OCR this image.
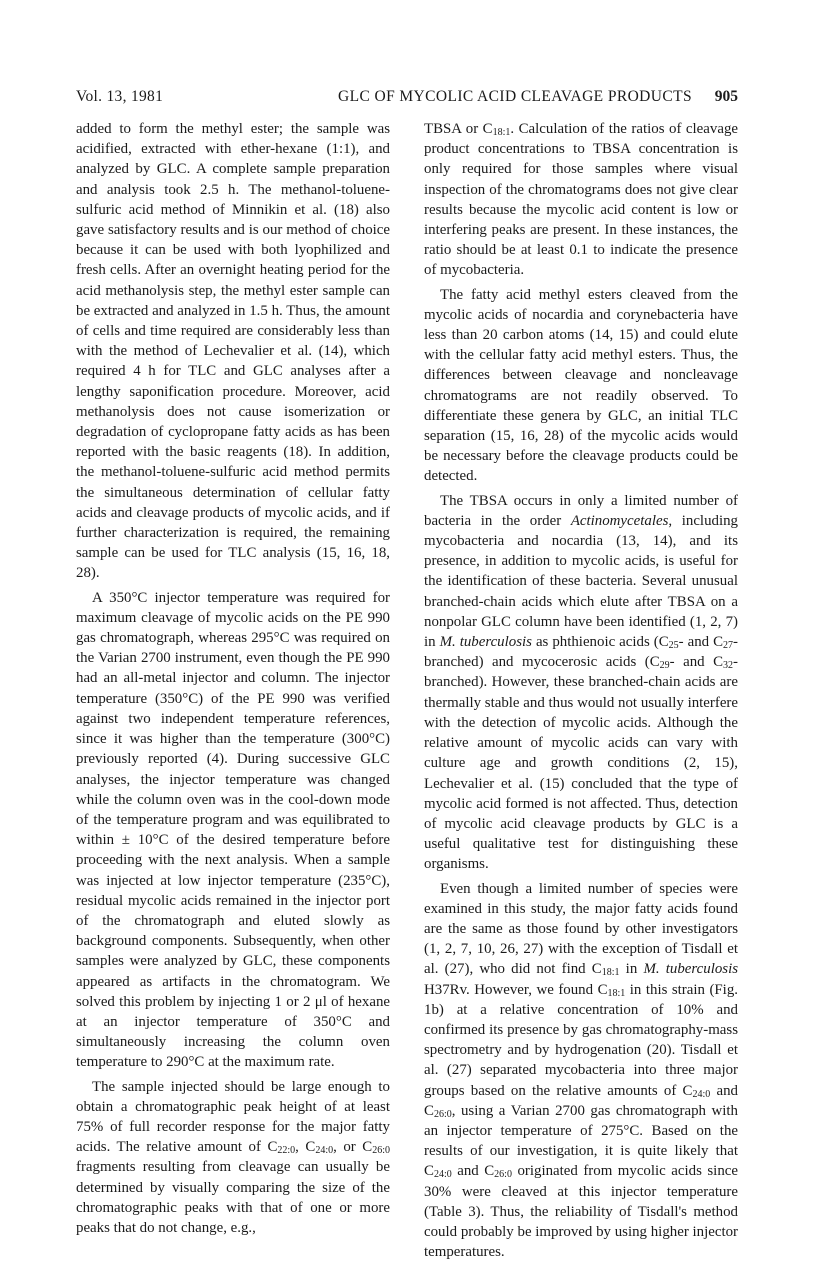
Vol. 13, 1981	GLC OF MYCOLIC ACID CLEAVAGE PRODUCTS 905

added to form the methyl ester; the sample was acidified, extracted with ether-hexane (1:1), and analyzed by GLC. A complete sample preparation and analysis took 2.5 h. The methanol-toluene-sulfuric acid method of Minnikin et al. (18) also gave satisfactory results and is our method of choice because it can be used with both lyophilized and fresh cells. After an overnight heating period for the acid methanolysis step, the methyl ester sample can be extracted and analyzed in 1.5 h. Thus, the amount of cells and time required are considerably less than with the method of Lechevalier et al. (14), which required 4 h for TLC and GLC analyses after a lengthy saponification procedure. Moreover, acid methanolysis does not cause isomerization or degradation of cyclopropane fatty acids as has been reported with the basic reagents (18). In addition, the methanol-toluene-sulfuric acid method permits the simultaneous determination of cellular fatty acids and cleavage products of mycolic acids, and if further characterization is required, the remaining sample can be used for TLC analysis (15, 16, 18, 28).

A 350°C injector temperature was required for maximum cleavage of mycolic acids on the PE 990 gas chromatograph, whereas 295°C was required on the Varian 2700 instrument, even though the PE 990 had an all-metal injector and column. The injector temperature (350°C) of the PE 990 was verified against two independent temperature references, since it was higher than the temperature (300°C) previously reported (4). During successive GLC analyses, the injector temperature was changed while the column oven was in the cool-down mode of the temperature program and was equilibrated to within ± 10°C of the desired temperature before proceeding with the next analysis. When a sample was injected at low injector temperature (235°C), residual mycolic acids remained in the injector port of the chromatograph and eluted slowly as background components. Subsequently, when other samples were analyzed by GLC, these components appeared as artifacts in the chromatogram. We solved this problem by injecting 1 or 2 μl of hexane at an injector temperature of 350°C and simultaneously increasing the column oven temperature to 290°C at the maximum rate.

The sample injected should be large enough to obtain a chromatographic peak height of at least 75% of full recorder response for the major fatty acids. The relative amount of $C_{22:0}$, $C_{24:0}$, or $C_{26:0}$ fragments resulting from cleavage can usually be determined by visually comparing the size of the chromatographic peaks with that of one or more peaks that do not change, e.g.,

TBSA or $C_{18:1}$. Calculation of the ratios of cleavage product concentrations to TBSA concentration is only required for those samples where visual inspection of the chromatograms does not give clear results because the mycolic acid content is low or interfering peaks are present. In these instances, the ratio should be at least 0.1 to indicate the presence of mycobacteria.

The fatty acid methyl esters cleaved from the mycolic acids of nocardia and corynebacteria have less than 20 carbon atoms (14, 15) and could elute with the cellular fatty acid methyl esters. Thus, the differences between cleavage and noncleavage chromatograms are not readily observed. To differentiate these genera by GLC, an initial TLC separation (15, 16, 28) of the mycolic acids would be necessary before the cleavage products could be detected.

The TBSA occurs in only a limited number of bacteria in the order Actinomycetales, including mycobacteria and nocardia (13, 14), and its presence, in addition to mycolic acids, is useful for the identification of these bacteria. Several unusual branched-chain acids which elute after TBSA on a nonpolar GLC column have been identified (1, 2, 7) in M. tuberculosis as phthienoic acids ($C_{25}-$ and $C_{27}-branched$) and mycocerosic acids ($C_{29}-$ and $C_{32}-branched$). However, these branched-chain acids are thermally stable and thus would not usually interfere with the detection of mycolic acids. Although the relative amount of mycolic acids can vary with culture age and growth conditions (2, 15), Lechevalier et al. (15) concluded that the type of mycolic acid formed is not affected. Thus, detection of mycolic acid cleavage products by GLC is a useful qualitative test for distinguishing these organisms.

Even though a limited number of species were examined in this study, the major fatty acids found are the same as those found by other investigators (1, 2, 7, 10, 26, 27) with the exception of Tisdall et al. (27), who did not find $C_{18:1}$ in M. tuberculosis H37Rv. However, we found $C_{18:1}$ in this strain (Fig. 1b) at a relative concentration of 10% and confirmed its presence by gas chromatography-mass spectrometry and by hydrogenation (20). Tisdall et al. (27) separated mycobacteria into three major groups based on the relative amounts of $C_{24:0}$ and $C_{26:0}$, using a Varian 2700 gas chromatograph with an injector temperature of 275°C. Based on the results of our investigation, it is quite likely that $C_{24:0}$ and $C_{26:0}$ originated from mycolic acids since 30% were cleaved at this injector temperature (Table 3). Thus, the reliability of Tisdall's method could probably be improved by using higher injector temperatures.
